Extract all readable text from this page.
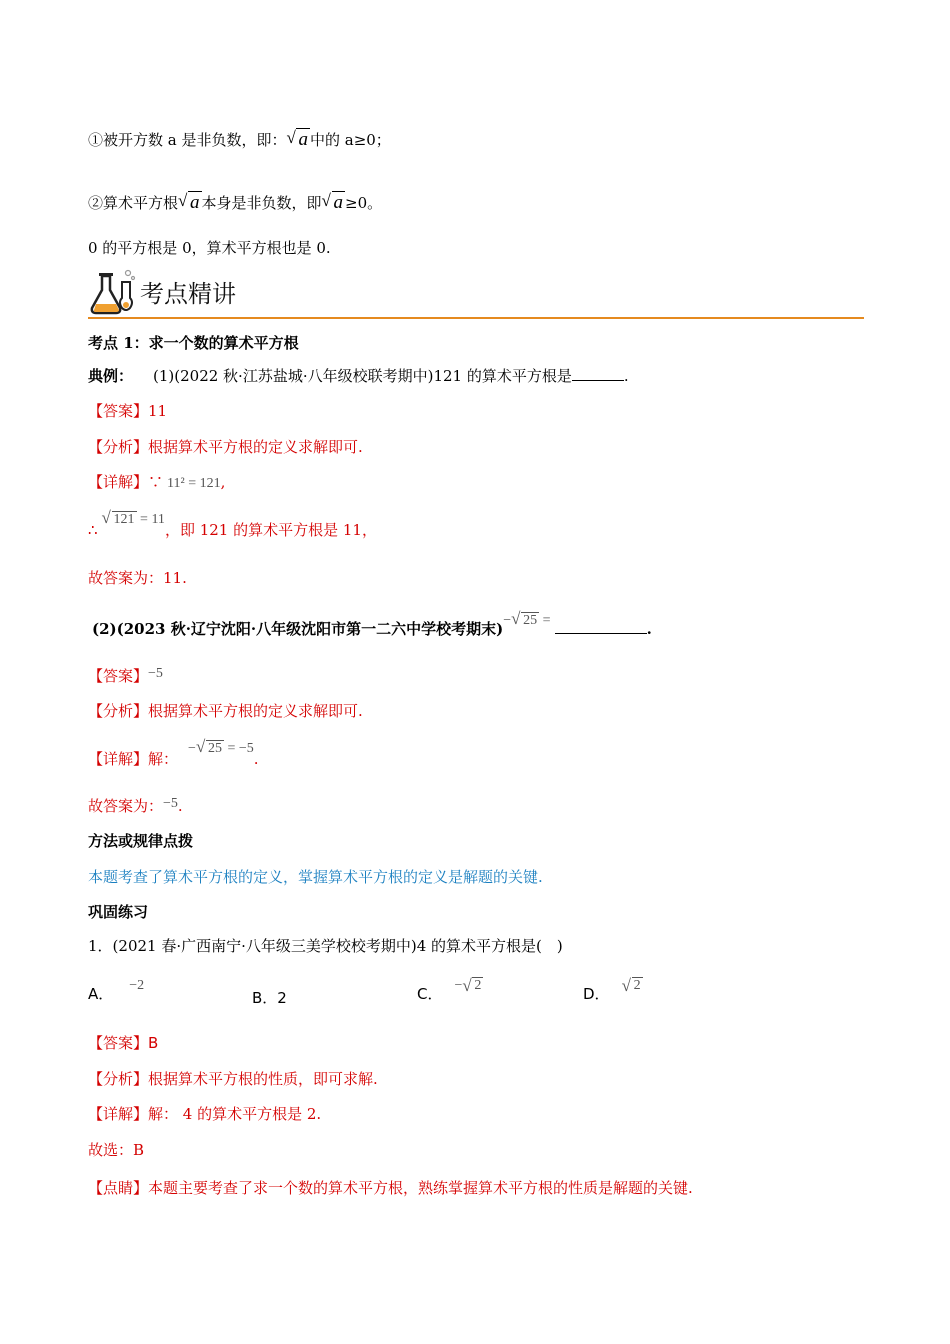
①被开方数 a 是非负数，即： √ a 中的 a≥0；
②算术平方根 √ a 本身是非负数，即 √ a ≥0。
0 的平方根是 0，算术平方根也是 0.
考点精讲
考点 1：求一个数的算术平方根
典例： (1)(2022 秋·江苏盐城·八年级校联考期中)121 的算术平方根是	.
【答案】11
【分析】根据算术平方根的定义求解即可.
【详解】∵ 11² = 121,
∴
√ 121 = 11，即 121 的算术平方根是 11，
故答案为：11.
(2)(2023 秋·辽宁沈阳·八年级沈阳市第一二六中学校考期末)− √ 25 =	.
【答案】−5
【分析】根据算术平方根的定义求解即可.
【详解】解：− √ 25 = −5.
故答案为：−5.
方法或规律点拨
本题考查了算术平方根的定义，掌握算术平方根的定义是解题的关键.
巩固练习
1．(2021 春·广西南宁·八年级三美学校校考期中)4 的算术平方根是(　)
A． −2
B．2	C． − √ 2	D． √ 2
【答案】B
【分析】根据算术平方根的性质，即可求解.
【详解】解： 4 的算术平方根是 2.
故选：B
【点睛】本题主要考查了求一个数的算术平方根，熟练掌握算术平方根的性质是解题的关键.
